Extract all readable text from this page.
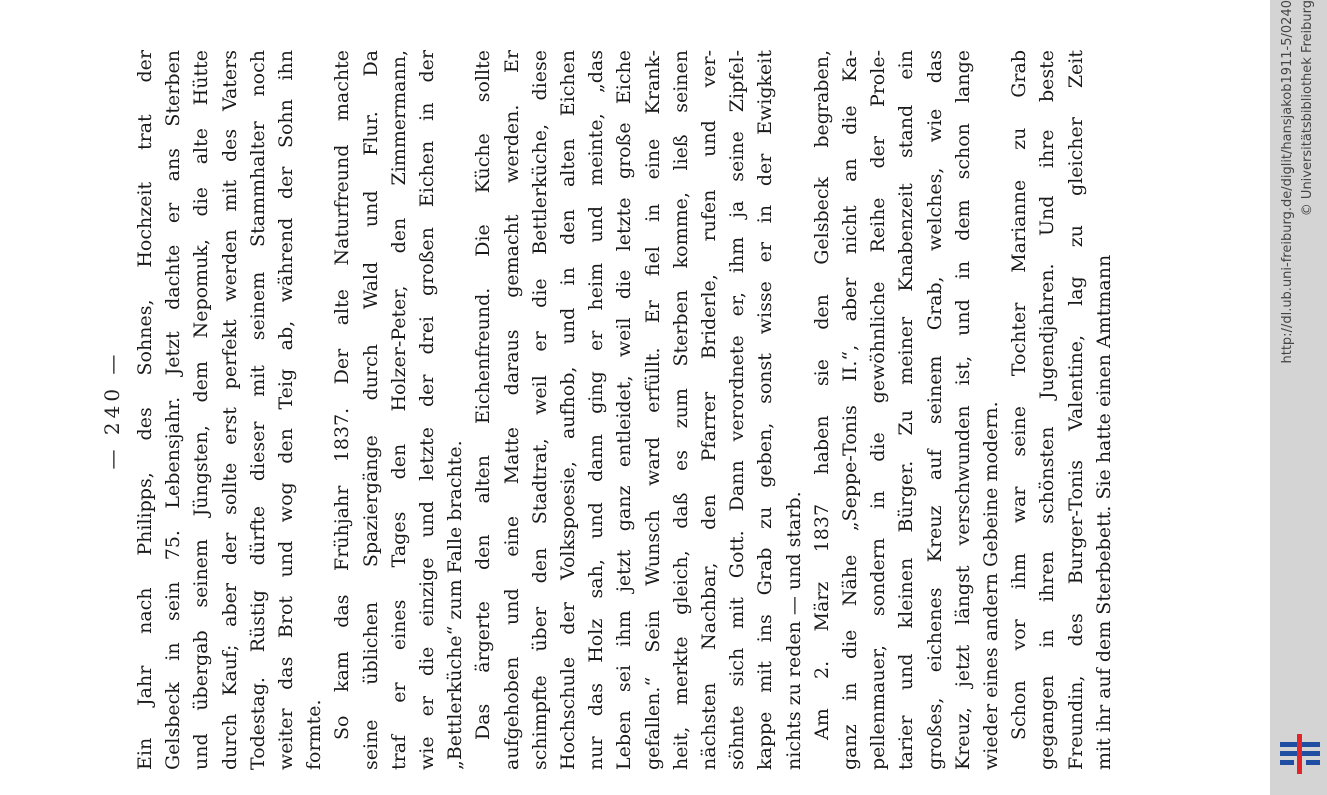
— 240 — Ein Jahr nach Philipps, des Sohnes, Hochzeit trat der Gelsbeck in sein 75. Lebensjahr. Jetzt dachte er ans Sterben und übergab seinem Jüngsten, dem Nepomuk, die alte Hütte durch Kauf; aber der sollte erst perfekt werden mit des Vaters Todestag. Rüstig dürfte dieser mit seinem Stammhalter noch weiter das Brot und wog den Teig ab, während der Sohn ihn formte. So kam das Frühjahr 1837. Der alte Naturfreund machte seine üblichen Spaziergänge durch Wald und Flur. Da traf er eines Tages den Holzer-Peter, den Zimmermann, wie er die einzige und letzte der drei großen Eichen in der „Bettlerküche“ zum Falle brachte. Das ärgerte den alten Eichenfreund. Die Küche sollte aufgehoben und eine Matte daraus gemacht werden. Er schimpfte über den Stadtrat, weil er die Bettlerküche, diese Hochschule der Volkspoesie, aufhob, und in den alten Eichen nur das Holz sah, und dann ging er heim und meinte, „das Leben sei ihm jetzt ganz entleidet, weil die letzte große Eiche gefallen.“ Sein Wunsch ward erfüllt. Er fiel in eine Krank- heit, merkte gleich, daß es zum Sterben komme, ließ seinen nächsten Nachbar, den Pfarrer Briderle, rufen und ver- söhnte sich mit Gott. Dann verordnete er, ihm ja seine Zipfel- kappe mit ins Grab zu geben, sonst wisse er in der Ewigkeit nichts zu reden — und starb. Am 2. März 1837 haben sie den Gelsbeck begraben, ganz in die Nähe „Seppe-Tonis II.“, aber nicht an die Ka- pellenmauer, sondern in die gewöhnliche Reihe der Prole- tarier und kleinen Bürger. Zu meiner Knabenzeit stand ein großes, eichenes Kreuz auf seinem Grab, welches, wie das Kreuz, jetzt längst verschwunden ist, und in dem schon lange wieder eines andern Gebeine modern. Schon vor ihm war seine Tochter Marianne zu Grab gegangen in ihren schönsten Jugendjahren. Und ihre beste Freundin, des Burger-Tonis Valentine, lag zu gleicher Zeit mit ihr auf dem Sterbebett. Sie hatte einen Amtmann
http://dl.ub.uni-freiburg.de/diglit/hansjakob1911-5/0240 © Universitätsbibliothek Freiburg
